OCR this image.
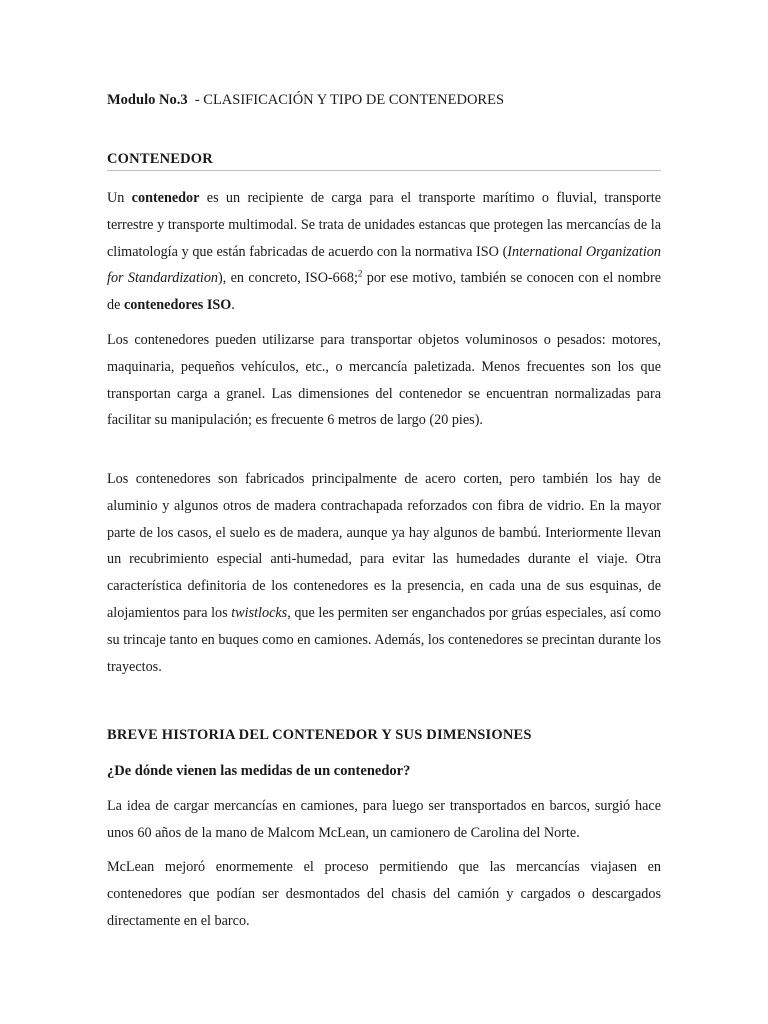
Modulo No.3  - CLASIFICACIÓN Y TIPO DE CONTENEDORES
CONTENEDOR

Un contenedor es un recipiente de carga para el transporte marítimo o fluvial, transporte terrestre y transporte multimodal. Se trata de unidades estancas que protegen las mercancías de la climatología y que están fabricadas de acuerdo con la normativa ISO (International Organization for Standardization), en concreto, ISO-668;$^2$ por ese motivo, también se conocen con el nombre de contenedores ISO.

Los contenedores pueden utilizarse para transportar objetos voluminosos o pesados: motores, maquinaria, pequeños vehículos, etc., o mercancía paletizada. Menos frecuentes son los que transportan carga a granel. Las dimensiones del contenedor se encuentran normalizadas para facilitar su manipulación; es frecuente 6 metros de largo (20 pies).

Los contenedores son fabricados principalmente de acero corten, pero también los hay de aluminio y algunos otros de madera contrachapada reforzados con fibra de vidrio. En la mayor parte de los casos, el suelo es de madera, aunque ya hay algunos de bambú. Interiormente llevan un recubrimiento especial anti-humedad, para evitar las humedades durante el viaje. Otra característica definitoria de los contenedores es la presencia, en cada una de sus esquinas, de alojamientos para los twistlocks, que les permiten ser enganchados por grúas especiales, así como su trincaje tanto en buques como en camiones. Además, los contenedores se precintan durante los trayectos.

BREVE HISTORIA DEL CONTENEDOR Y SUS DIMENSIONES
¿De dónde vienen las medidas de un contenedor?

La idea de cargar mercancías en camiones, para luego ser transportados en barcos, surgió hace unos 60 años de la mano de Malcom McLean, un camionero de Carolina del Norte.

McLean mejoró enormemente el proceso permitiendo que las mercancías viajasen en contenedores que podían ser desmontados del chasis del camión y cargados o descargados directamente en el barco.
